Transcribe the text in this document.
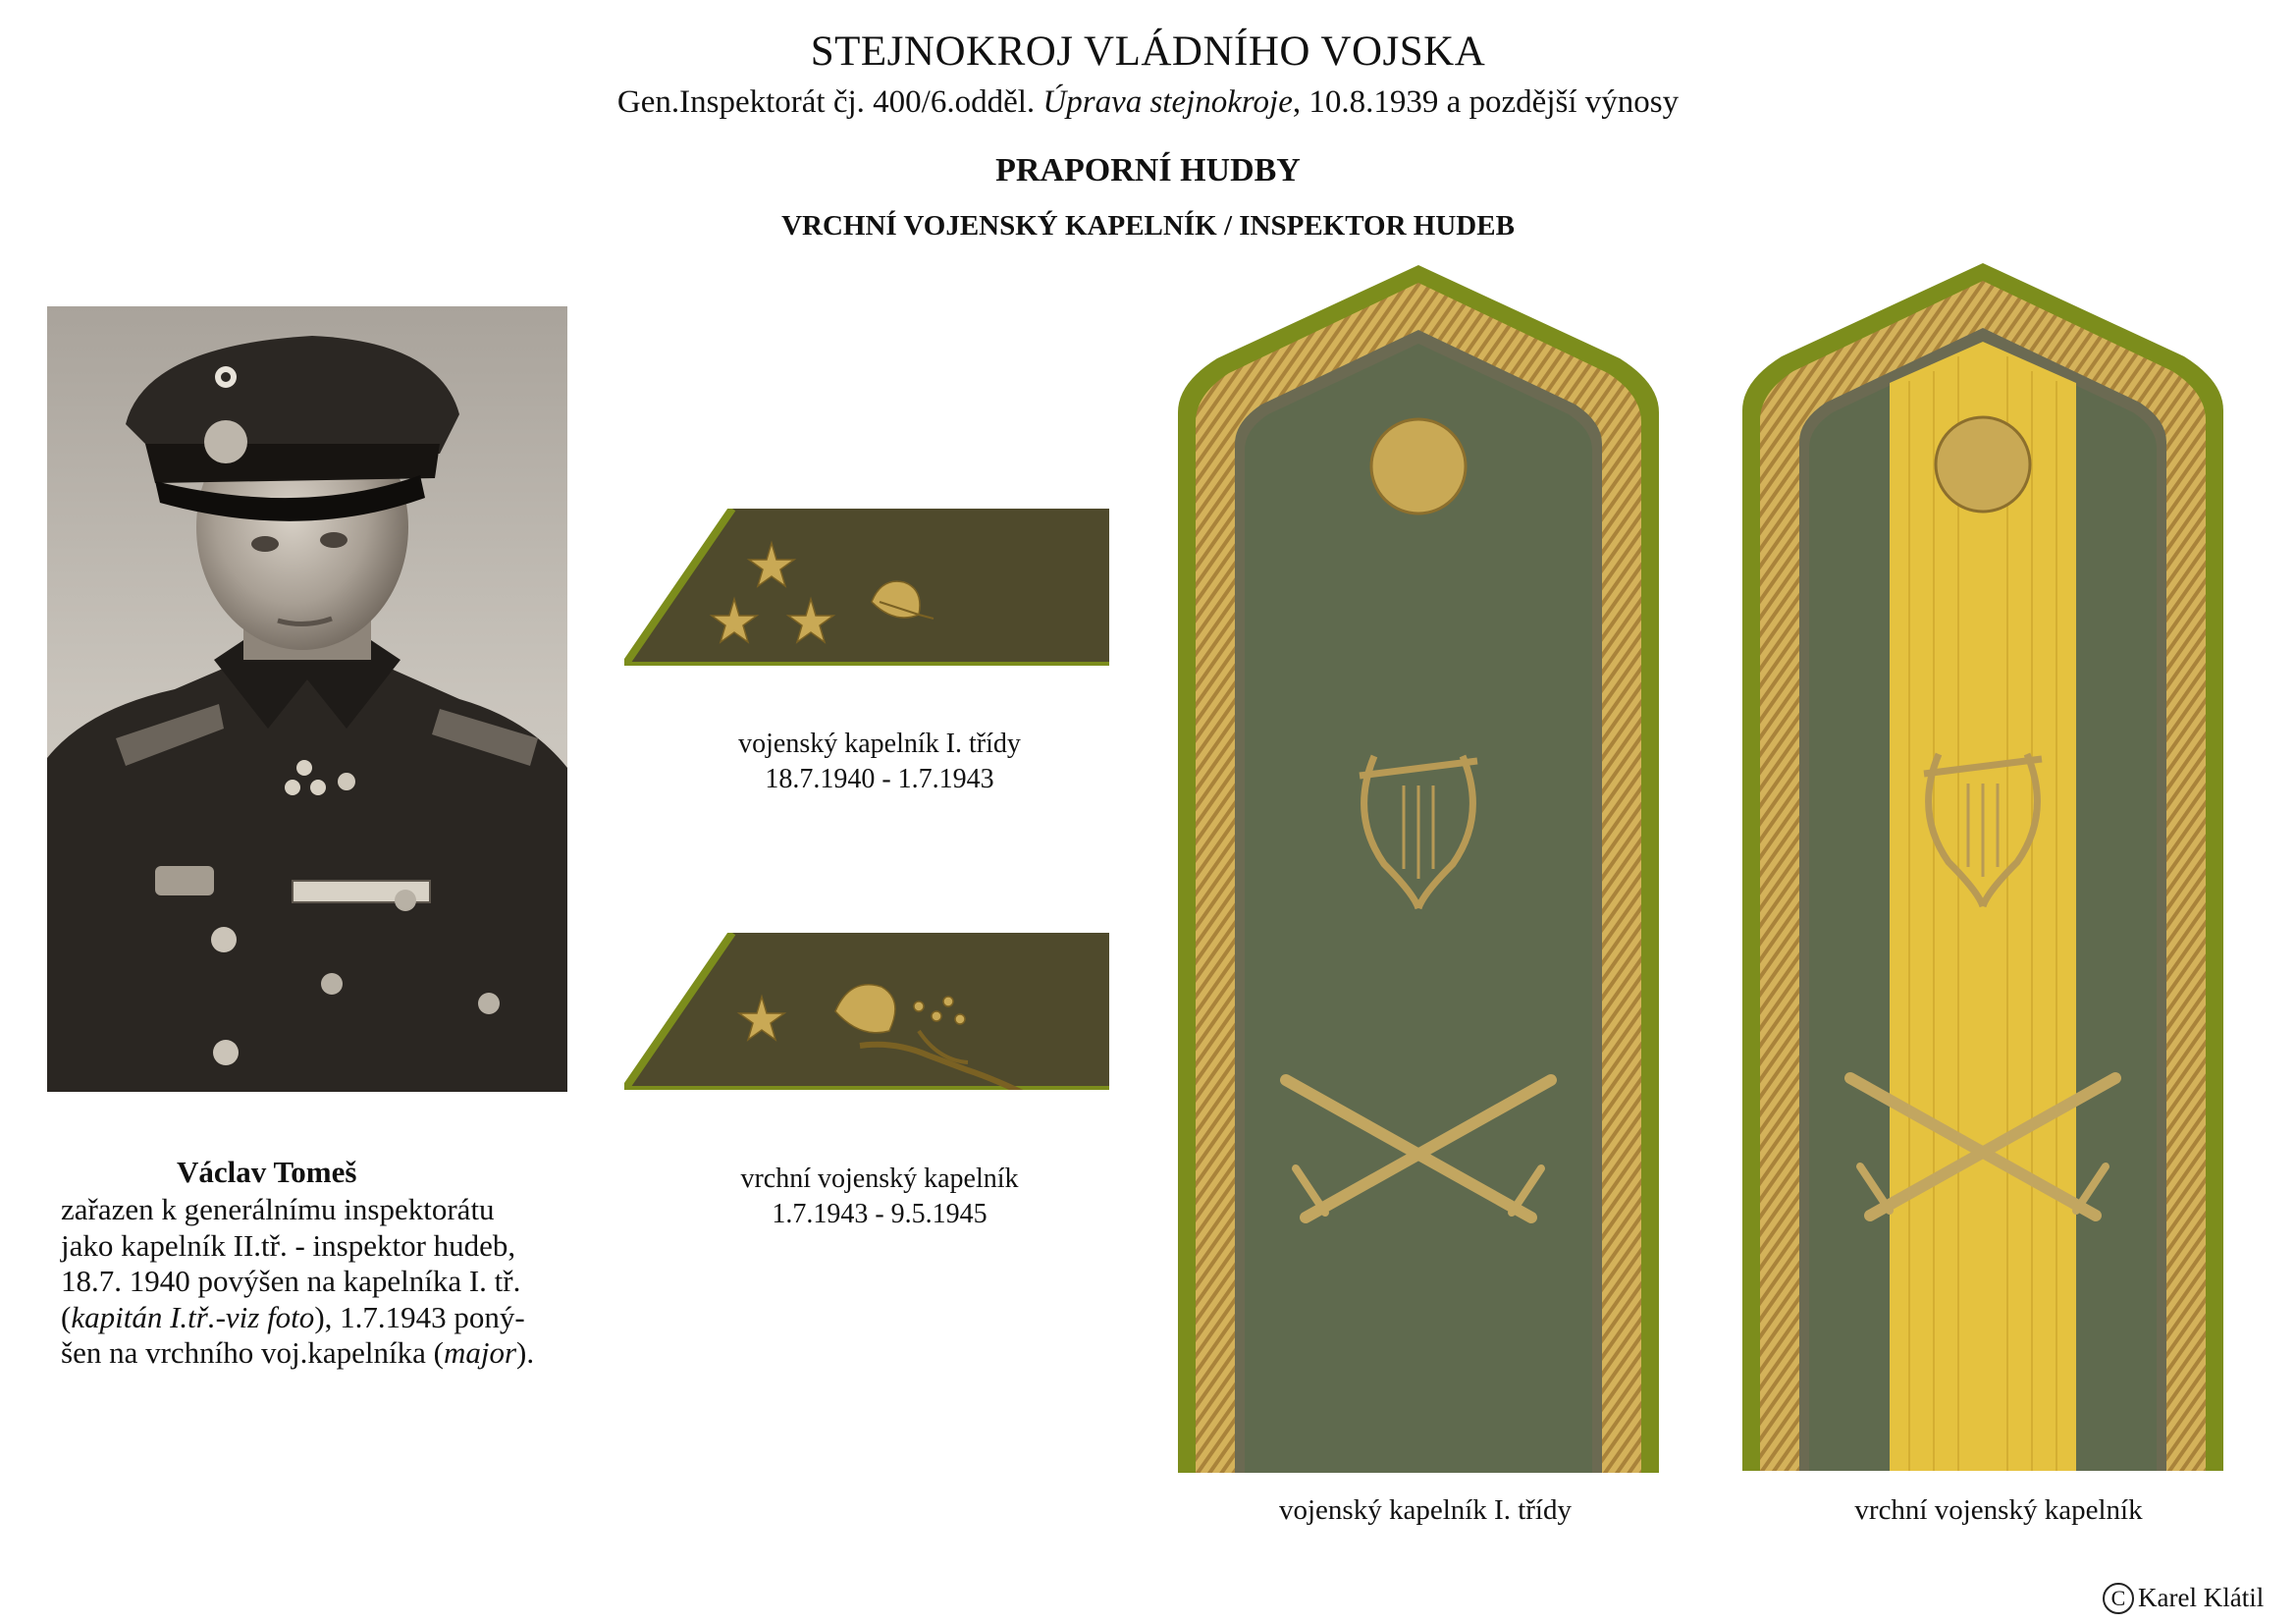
STEJNOKROJ VLÁDNÍHO VOJSKA
Gen.Inspektorát čj. 400/6.odděl. Úprava stejnokroje, 10.8.1939 a pozdější výnosy
PRAPORNÍ HUDBY
VRCHNÍ VOJENSKÝ KAPELNÍK / INSPEKTOR HUDEB
Václav Tomeš
zařazen k generálnímu inspektorátu
jako kapelník II.tř. - inspektor hudeb,
18.7. 1940 povýšen na kapelníka I. tř.
(kapitán I.tř.-viz foto), 1.7.1943 poný-
šen na vrchního voj.kapelníka (major).
vojenský kapelník I. třídy
18.7.1940 - 1.7.1943
vrchní vojenský kapelník
1.7.1943 - 9.5.1945
vojenský kapelník I. třídy	vrchní vojenský kapelník
C Karel Klátil
